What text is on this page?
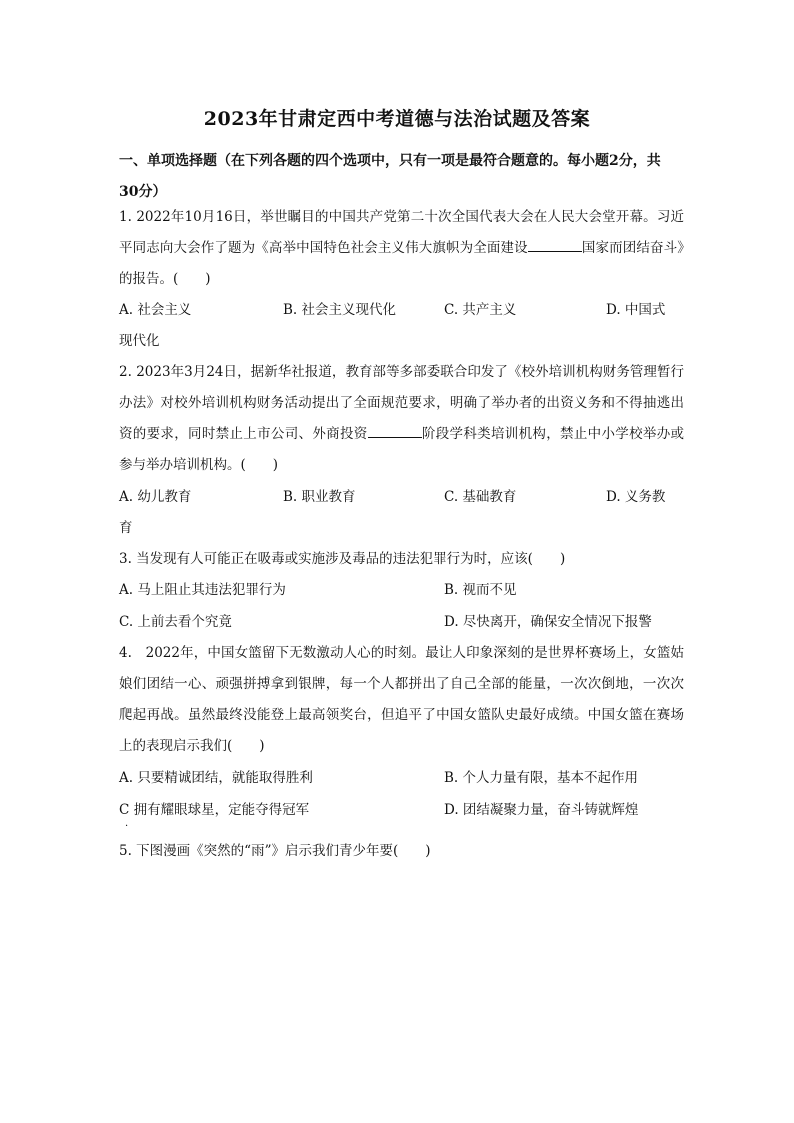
2023年甘肃定西中考道德与法治试题及答案
一、单项选择题（在下列各题的四个选项中，只有一项是最符合题意的。每小题2分，共30分）
1. 2022年10月16日，举世瞩目的中国共产党第二十次全国代表大会在人民大会堂开幕。习近平同志向大会作了题为《高举中国特色社会主义伟大旗帜为全面建设	国家而团结奋斗》的报告。(　　)
A. 社会主义	B. 社会主义现代化	C. 共产主义	D. 中国式
现代化
2. 2023年3月24日，据新华社报道，教育部等多部委联合印发了《校外培训机构财务管理暂行办法》对校外培训机构财务活动提出了全面规范要求，明确了举办者的出资义务和不得抽逃出资的要求，同时禁止上市公司、外商投资	阶段学科类培训机构，禁止中小学校举办或参与举办培训机构。(　　)
A. 幼儿教育	B. 职业教育	C. 基础教育	D. 义务教
育
3. 当发现有人可能正在吸毒或实施涉及毒品的违法犯罪行为时，应该(　　)
A. 马上阻止其违法犯罪行为	B. 视而不见
C. 上前去看个究竟	D. 尽快离开，确保安全情况下报警
4.　2022年，中国女篮留下无数激动人心的时刻。最让人印象深刻的是世界杯赛场上，女篮姑娘们团结一心、顽强拼搏拿到银牌，每一个人都拼出了自己全部的能量，一次次倒地，一次次爬起再战。虽然最终没能登上最高领奖台，但追平了中国女篮队史最好成绩。中国女篮在赛场上的表现启示我们(　　)
A. 只要精诚团结，就能取得胜利	B. 个人力量有限，基本不起作用
C 拥有耀眼球星，定能夺得冠军
·
D. 团结凝聚力量，奋斗铸就辉煌
5. 下图漫画《突然的“雨”》启示我们青少年要(　　)
